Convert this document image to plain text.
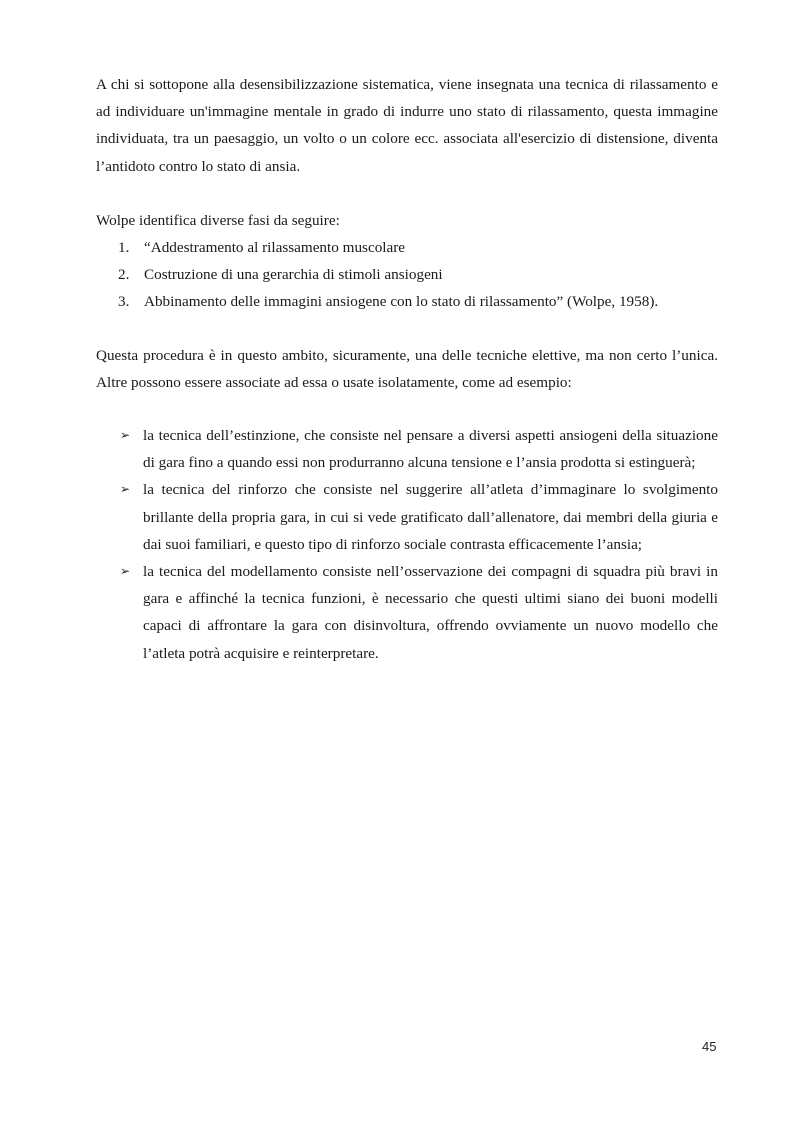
A chi si sottopone alla desensibilizzazione sistematica, viene insegnata una tecnica di rilassamento e ad individuare un'immagine mentale in grado di indurre uno stato di rilassamento, questa immagine individuata, tra un paesaggio, un volto o un colore ecc. associata all'esercizio di distensione, diventa l’antidoto contro lo stato di ansia.

Wolpe identifica diverse fasi da seguire:

1. “Addestramento al rilassamento muscolare
2. Costruzione di una gerarchia di stimoli ansiogeni
3. Abbinamento delle immagini ansiogene con lo stato di rilassamento” (Wolpe, 1958).

Questa procedura è in questo ambito, sicuramente, una delle tecniche elettive, ma non certo l’unica. Altre possono essere associate ad essa o usate isolatamente, come ad esempio:

➢ la tecnica dell’estinzione, che consiste nel pensare a diversi aspetti ansiogeni della situazione di gara fino a quando essi non produrranno alcuna tensione e l’ansia prodotta si estinguerà;
➢ la tecnica del rinforzo che consiste nel suggerire all’atleta d’immaginare lo svolgimento brillante della propria gara, in cui si vede gratificato dall’allenatore, dai membri della giuria e dai suoi familiari, e questo tipo di rinforzo sociale contrasta efficacemente l’ansia;
➢ la tecnica del modellamento consiste nell’osservazione dei compagni di squadra più bravi in gara e affinché la tecnica funzioni, è necessario che questi ultimi siano dei buoni modelli capaci di affrontare la gara con disinvoltura, offrendo ovviamente un nuovo modello che l’atleta potrà acquisire e reinterpretare.
45
